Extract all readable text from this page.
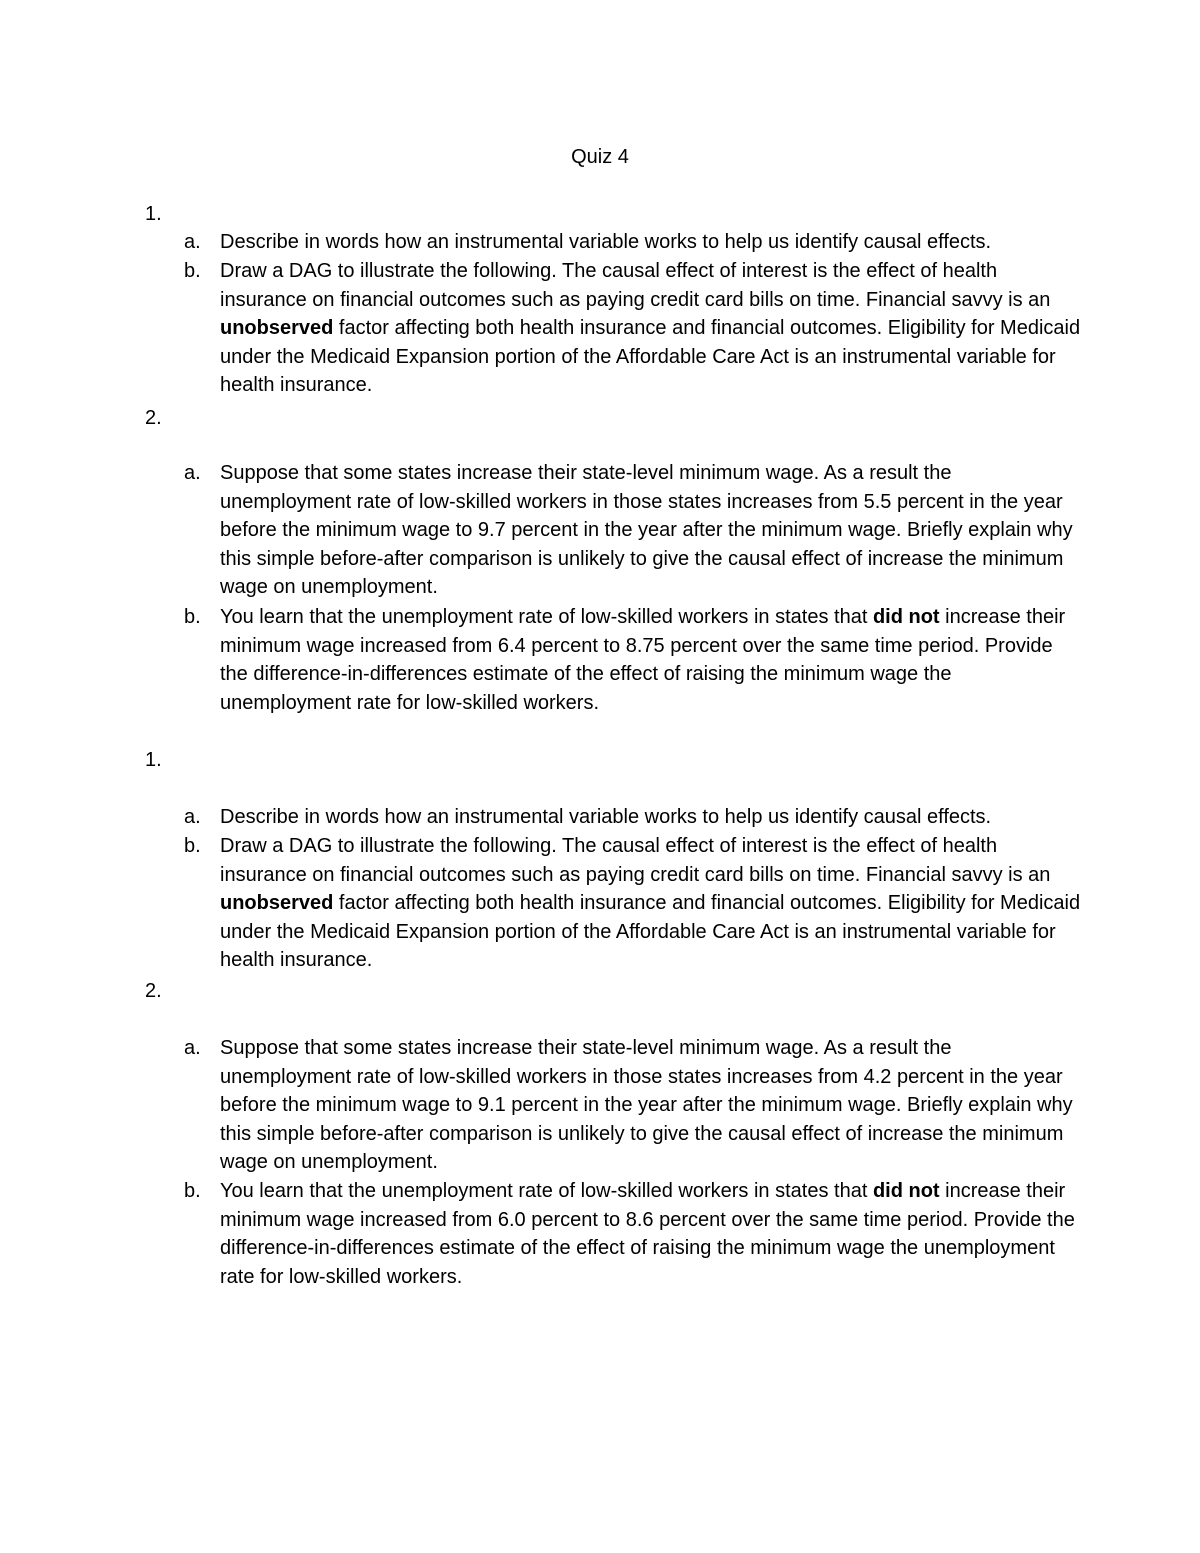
Quiz 4
1.
a. Describe in words how an instrumental variable works to help us identify causal effects.
b. Draw a DAG to illustrate the following. The causal effect of interest is the effect of health insurance on financial outcomes such as paying credit card bills on time. Financial savvy is an unobserved factor affecting both health insurance and financial outcomes. Eligibility for Medicaid under the Medicaid Expansion portion of the Affordable Care Act is an instrumental variable for health insurance.
2.
a. Suppose that some states increase their state-level minimum wage. As a result the unemployment rate of low-skilled workers in those states increases from 5.5 percent in the year before the minimum wage to 9.7 percent in the year after the minimum wage. Briefly explain why this simple before-after comparison is unlikely to give the causal effect of increase the minimum wage on unemployment.
b. You learn that the unemployment rate of low-skilled workers in states that did not increase their minimum wage increased from 6.4 percent to 8.75 percent over the same time period. Provide the difference-in-differences estimate of the effect of raising the minimum wage the unemployment rate for low-skilled workers.
1.
a. Describe in words how an instrumental variable works to help us identify causal effects.
b. Draw a DAG to illustrate the following. The causal effect of interest is the effect of health insurance on financial outcomes such as paying credit card bills on time. Financial savvy is an unobserved factor affecting both health insurance and financial outcomes. Eligibility for Medicaid under the Medicaid Expansion portion of the Affordable Care Act is an instrumental variable for health insurance.
2.
a. Suppose that some states increase their state-level minimum wage. As a result the unemployment rate of low-skilled workers in those states increases from 4.2 percent in the year before the minimum wage to 9.1 percent in the year after the minimum wage. Briefly explain why this simple before-after comparison is unlikely to give the causal effect of increase the minimum wage on unemployment.
b. You learn that the unemployment rate of low-skilled workers in states that did not increase their minimum wage increased from 6.0 percent to 8.6 percent over the same time period. Provide the difference-in-differences estimate of the effect of raising the minimum wage the unemployment rate for low-skilled workers.
